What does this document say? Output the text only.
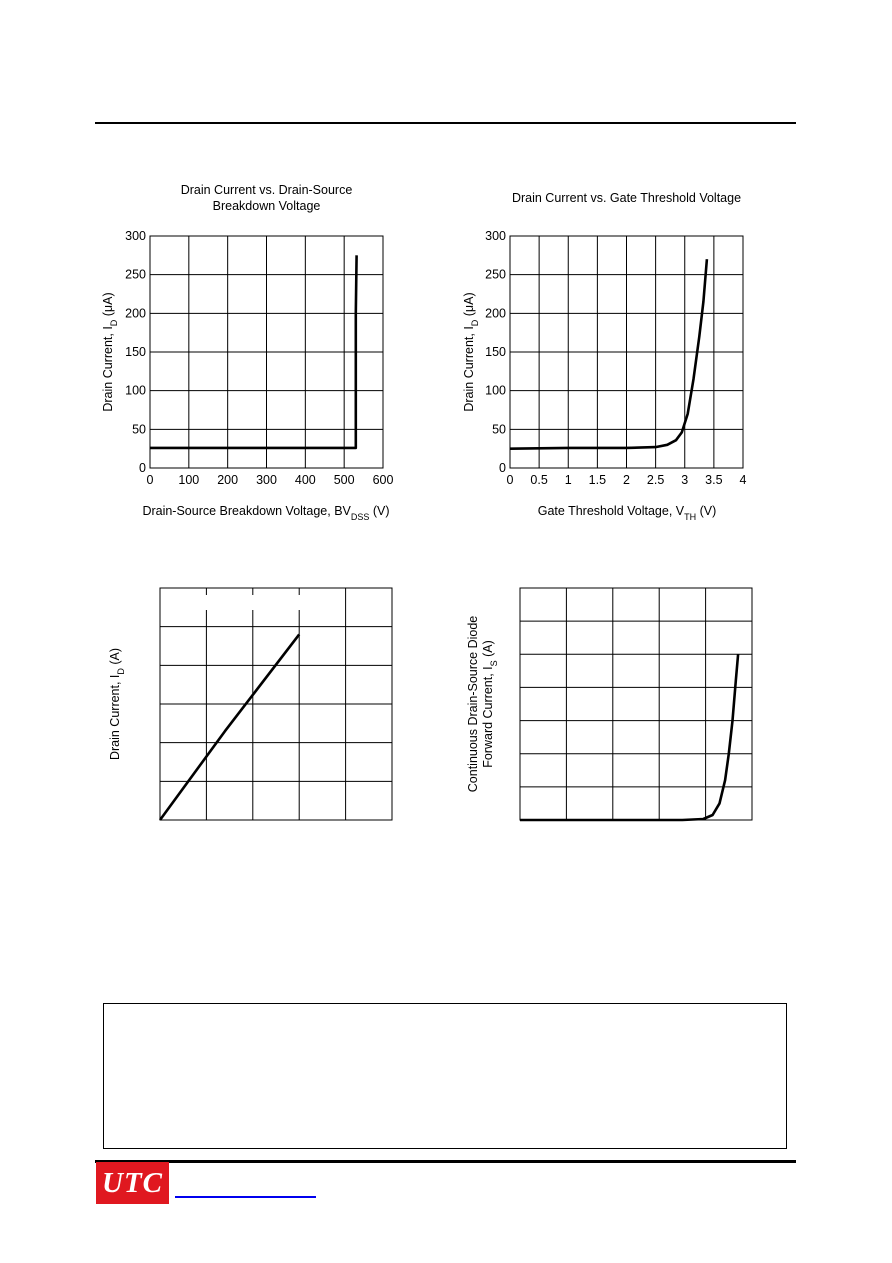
0 100 200 300 400 500 600
0
50
100
150
200
250
300
Drain Current vs. Drain-Source
Breakdown Voltage
Drain-Source Breakdown Voltage, $BV_{DSS}$ (V)
Drain Current, $I_D$ (μA)
0 0.5 1 1.5 2 2.5 3 3.5 4
0
50
100
150
200
250
300
Drain Current vs. Gate Threshold Voltage
Gate Threshold Voltage, $V_{TH}$ (V)
Drain Current, $I_D$ (μA)
Drain Current, $I_D$ (A)	Continuous Drain-Source Diode Forward Current, $I_S$ (A)
UTC
